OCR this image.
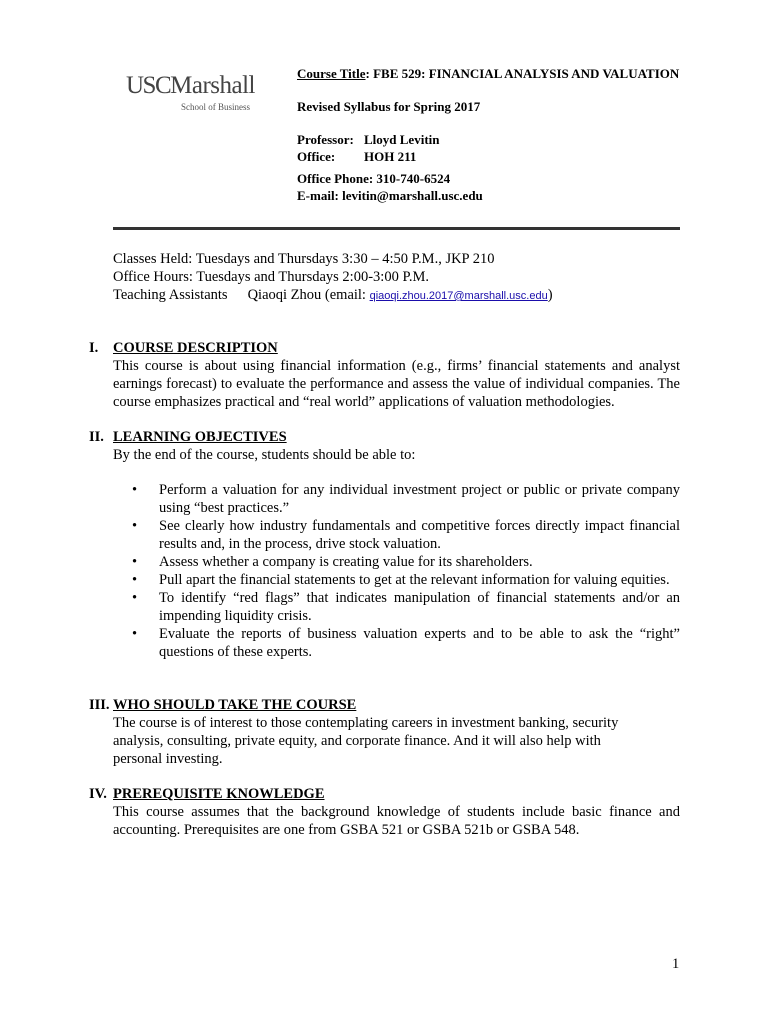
USCMarshall
School of Business
Course Title: FBE 529: FINANCIAL ANALYSIS AND VALUATION
Revised Syllabus for Spring 2017
Professor: Lloyd Levitin
Office: HOH 211
Office Phone: 310-740-6524
E-mail: levitin@marshall.usc.edu
Classes Held: Tuesdays and Thursdays 3:30 – 4:50 P.M., JKP 210
Office Hours: Tuesdays and Thursdays 2:00-3:00 P.M.
Teaching Assistants Qiaoqi Zhou (email: qiaoqi.zhou.2017@marshall.usc.edu)
I. COURSE DESCRIPTION

This course is about using financial information (e.g., firms’ financial statements and analyst earnings forecast) to evaluate the performance and assess the value of individual companies. The course emphasizes practical and “real world” applications of valuation methodologies.

II. LEARNING OBJECTIVES

By the end of the course, students should be able to:

• Perform a valuation for any individual investment project or public or private company using “best practices.”
• See clearly how industry fundamentals and competitive forces directly impact financial results and, in the process, drive stock valuation.
• Assess whether a company is creating value for its shareholders.
• Pull apart the financial statements to get at the relevant information for valuing equities.
• To identify “red flags” that indicates manipulation of financial statements and/or an impending liquidity crisis.
• Evaluate the reports of business valuation experts and to be able to ask the “right” questions of these experts.
III. WHO SHOULD TAKE THE COURSE

The course is of interest to those contemplating careers in investment banking, security analysis, consulting, private equity, and corporate finance. And it will also help with personal investing.

IV. PREREQUISITE KNOWLEDGE

This course assumes that the background knowledge of students include basic finance and accounting. Prerequisites are one from GSBA 521 or GSBA 521b or GSBA 548.

1
